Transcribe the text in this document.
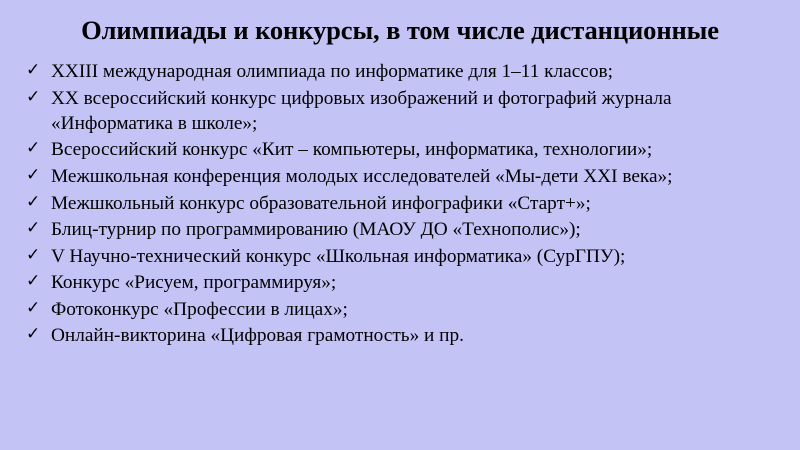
Олимпиады и конкурсы, в том числе дистанционные
✓ XXIII международная олимпиада по информатике для 1–11 классов;
✓ XX всероссийский конкурс цифровых изображений и фотографий журнала «Информатика в школе»;
✓ Всероссийский конкурс «Кит – компьютеры, информатика, технологии»;
✓ Межшкольная конференция молодых исследователей «Мы-дети XXI века»;
✓ Межшкольный конкурс образовательной инфографики «Старт+»;
✓ Блиц-турнир по программированию (МАОУ ДО «Технополис»);
✓ V Научно-технический конкурс «Школьная информатика» (СурГПУ);
✓ Конкурс «Рисуем, программируя»;
✓ Фотоконкурс «Профессии в лицах»;
✓ Онлайн-викторина «Цифровая грамотность» и пр.
